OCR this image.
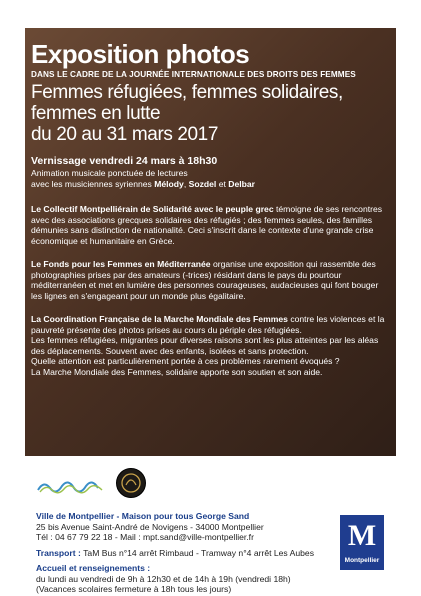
Exposition photos
DANS LE CADRE DE LA JOURNÉE INTERNATIONALE DES DROITS DES FEMMES
Femmes réfugiées, femmes solidaires,
femmes en lutte
du 20 au 31 mars 2017
Vernissage vendredi 24 mars à 18h30
Animation musicale ponctuée de lectures
avec les musiciennes syriennes Mélody, Sozdel et Delbar
Le Collectif Montpelliérain de Solidarité avec le peuple grec témoigne de ses rencontres avec des associations grecques solidaires des réfugiés ; des femmes seules, des familles démunies sans distinction de nationalité. Ceci s'inscrit dans le contexte d'une grande crise économique et humanitaire en Grèce.
Le Fonds pour les Femmes en Méditerranée organise une exposition qui rassemble des photographies prises par des amateurs (-trices) résidant dans le pays du pourtour méditerranéen et met en lumière des personnes courageuses, audacieuses qui font bouger les lignes en s'engageant pour un monde plus égalitaire.
La Coordination Française de la Marche Mondiale des Femmes contre les violences et la pauvreté présente des photos prises au cours du périple des réfugiées.
Les femmes réfugiées, migrantes pour diverses raisons sont les plus atteintes par les aléas des déplacements. Souvent avec des enfants, isolées et sans protection.
Quelle attention est particulièrement portée à ces problèmes rarement évoqués ?
La Marche Mondiale des Femmes, solidaire apporte son soutien et son aide.
Ville de Montpellier - Maison pour tous George Sand
25 bis Avenue Saint-André de Novigens - 34000 Montpellier
Tél : 04 67 79 22 18 - Mail : mpt.sand@ville-montpellier.fr
Transport : TaM Bus n°14 arrêt Rimbaud - Tramway n°4 arrêt Les Aubes
Accueil et renseignements :
du lundi au vendredi de 9h à 12h30 et de 14h à 19h (vendredi 18h)
(Vacances scolaires fermeture à 18h tous les jours)
M
Montpellier
